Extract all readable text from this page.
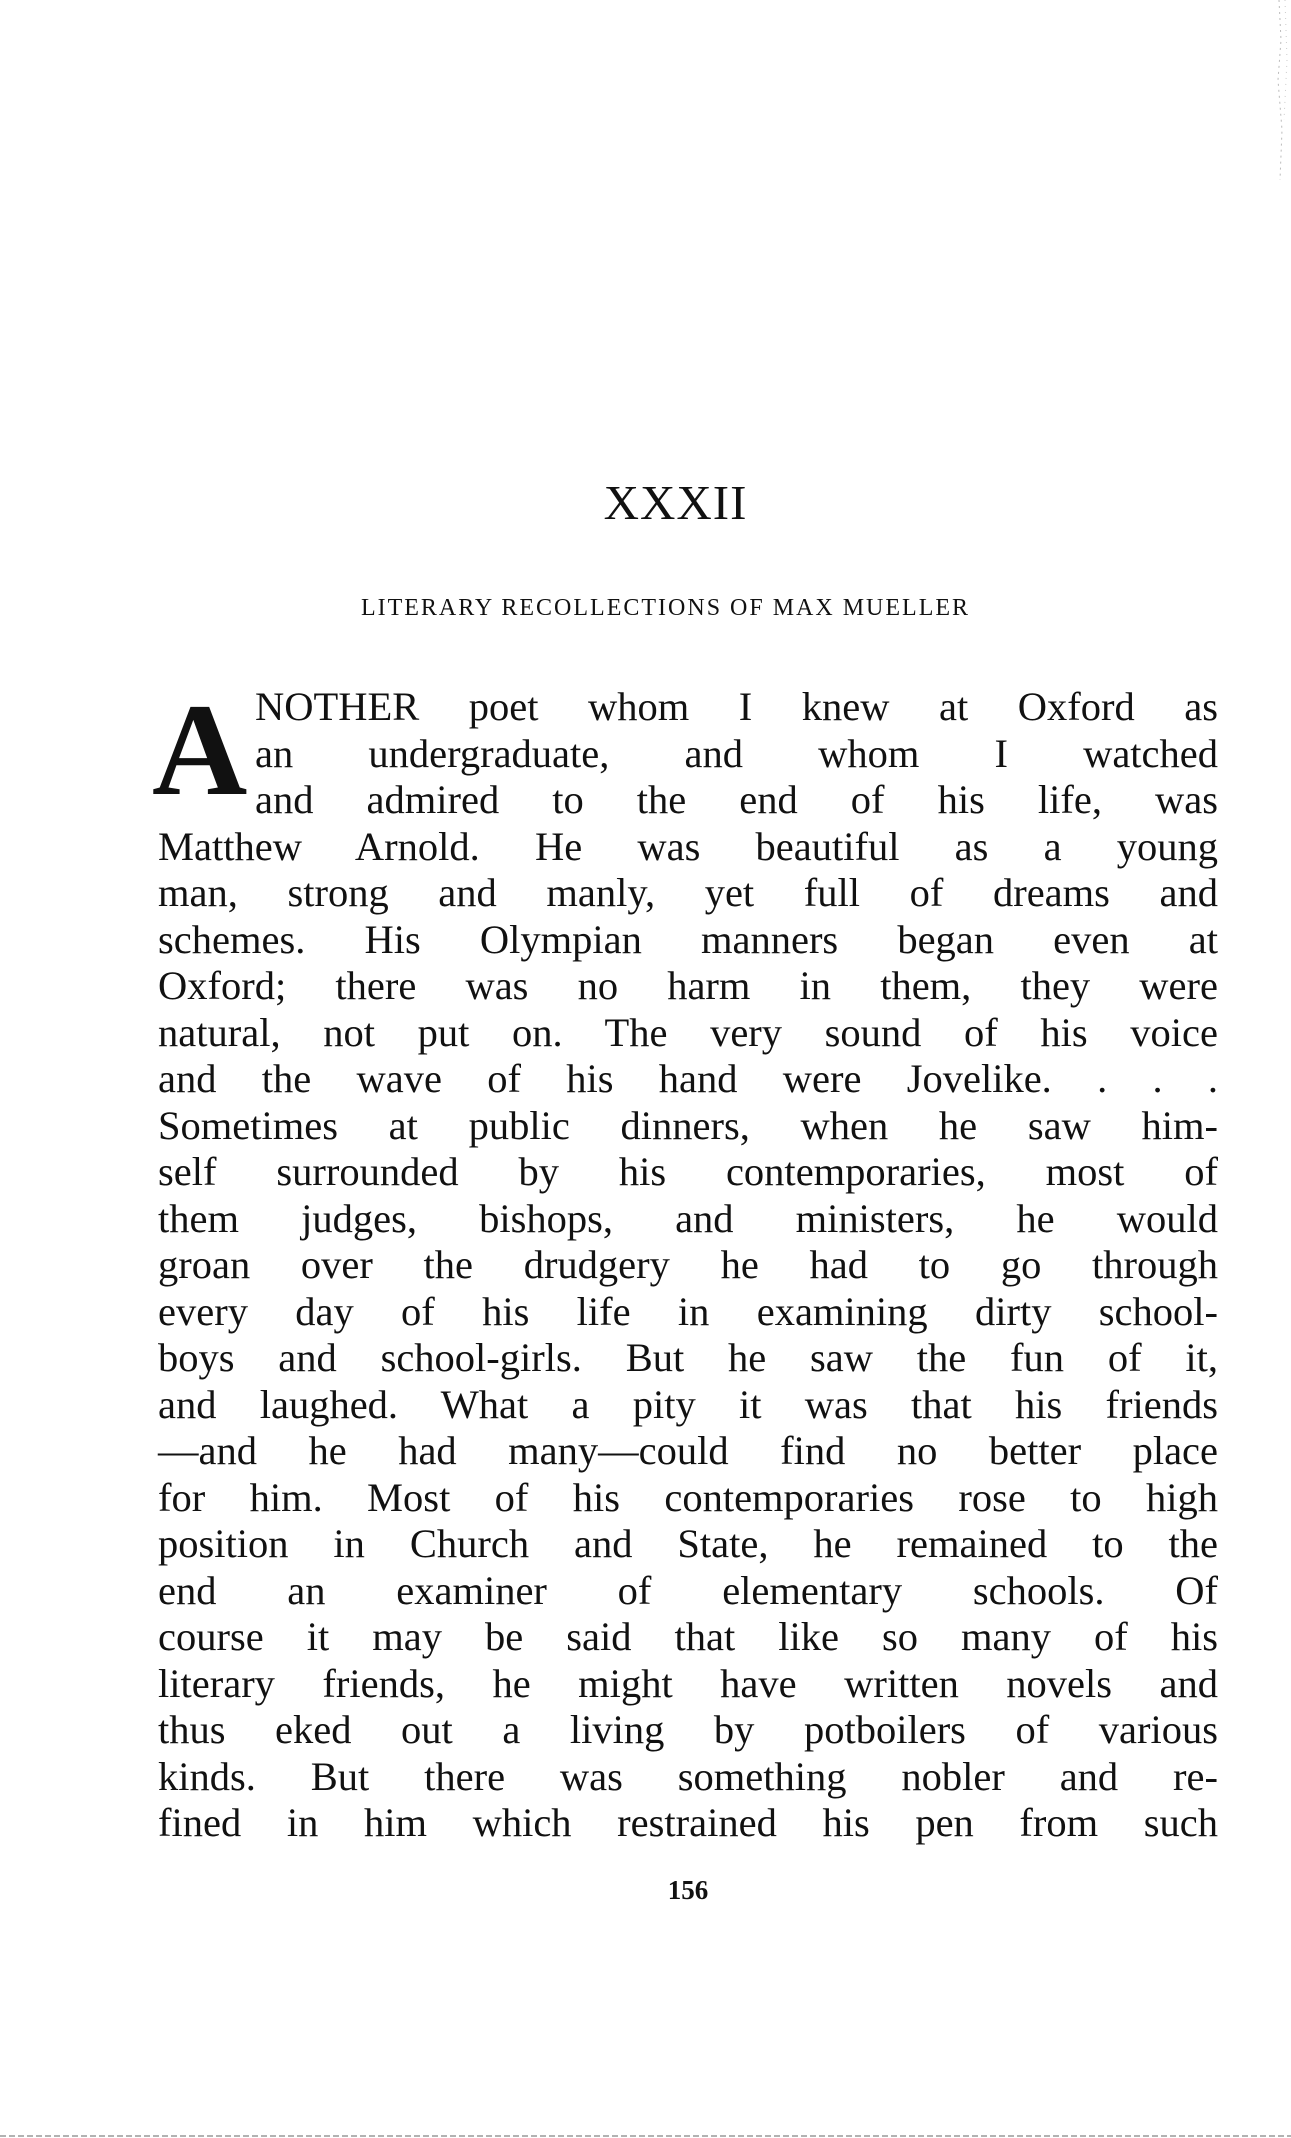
XXXII
LITERARY RECOLLECTIONS OF MAX MUELLER
A NOTHER poet whom I knew at Oxford as
an undergraduate, and whom I watched
and admired to the end of his life, was
Matthew Arnold. He was beautiful as a young
man, strong and manly, yet full of dreams and
schemes. His Olympian manners began even at
Oxford; there was no harm in them, they were
natural, not put on. The very sound of his voice
and the wave of his hand were Jovelike. . . .
Sometimes at public dinners, when he saw him-
self surrounded by his contemporaries, most of
them judges, bishops, and ministers, he would
groan over the drudgery he had to go through
every day of his life in examining dirty school-
boys and school-girls. But he saw the fun of it,
and laughed. What a pity it was that his friends
—and he had many—could find no better place
for him. Most of his contemporaries rose to high
position in Church and State, he remained to the
end an examiner of elementary schools. Of
course it may be said that like so many of his
literary friends, he might have written novels and
thus eked out a living by potboilers of various
kinds. But there was something nobler and re-
fined in him which restrained his pen from such
156
